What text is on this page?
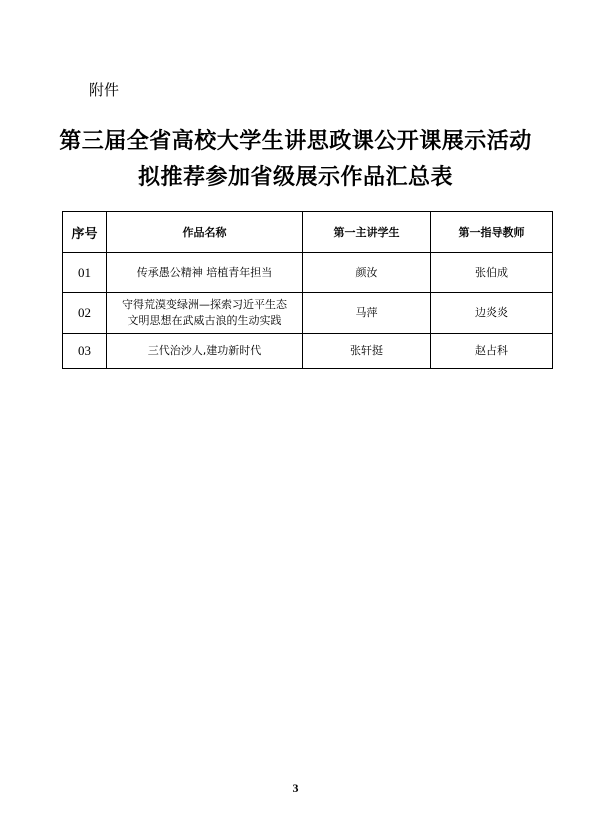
附件
第三届全省高校大学生讲思政课公开课展示活动
拟推荐参加省级展示作品汇总表
序号	作品名称	第一主讲学生	第一指导教师
01	传承愚公精神 培植青年担当	颜汝	张伯成
02	守得荒漠变绿洲—探索习近平生态
文明思想在武威古浪的生动实践	马萍	边炎炎
03	三代治沙人,建功新时代	张轩挺	赵占科
3
